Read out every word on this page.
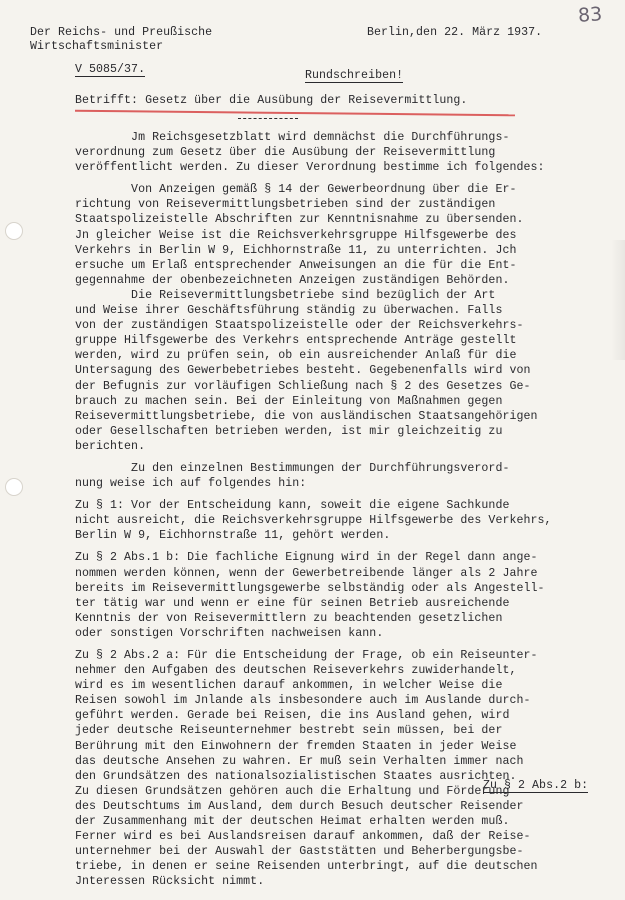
83
Der Reichs- und Preußische
Wirtschaftsminister
V 5085/37.
Berlin,den 22. März 1937.
Rundschreiben!
Betrifft: Gesetz über die Ausübung der Reisevermittlung.

Jm Reichsgesetzblatt wird demnächst die Durchführungs-
verordnung zum Gesetz über die Ausübung der Reisevermittlung
veröffentlicht werden. Zu dieser Verordnung bestimme ich folgendes:

Von Anzeigen gemäß § 14 der Gewerbeordnung über die Er-
richtung von Reisevermittlungsbetrieben sind der zuständigen
Staatspolizeistelle Abschriften zur Kenntnisnahme zu übersenden.
Jn gleicher Weise ist die Reichsverkehrsgruppe Hilfsgewerbe des
Verkehrs in Berlin W 9, Eichhornstraße 11, zu unterrichten. Jch
ersuche um Erlaß entsprechender Anweisungen an die für die Ent-
gegennahme der obenbezeichneten Anzeigen zuständigen Behörden.
Die Reisevermittlungsbetriebe sind bezüglich der Art
und Weise ihrer Geschäftsführung ständig zu überwachen. Falls
von der zuständigen Staatspolizeistelle oder der Reichsverkehrs-
gruppe Hilfsgewerbe des Verkehrs entsprechende Anträge gestellt
werden, wird zu prüfen sein, ob ein ausreichender Anlaß für die
Untersagung des Gewerbebetriebes besteht. Gegebenenfalls wird von
der Befugnis zur vorläufigen Schließung nach § 2 des Gesetzes Ge-
brauch zu machen sein. Bei der Einleitung von Maßnahmen gegen
Reisevermittlungsbetriebe, die von ausländischen Staatsangehörigen
oder Gesellschaften betrieben werden, ist mir gleichzeitig zu
berichten.

Zu den einzelnen Bestimmungen der Durchführungsverord-
nung weise ich auf folgendes hin:

Zu § 1: Vor der Entscheidung kann, soweit die eigene Sachkunde
nicht ausreicht, die Reichsverkehrsgruppe Hilfsgewerbe des Verkehrs,
Berlin W 9, Eichhornstraße 11, gehört werden.

Zu § 2 Abs.1 b: Die fachliche Eignung wird in der Regel dann ange-
nommen werden können, wenn der Gewerbetreibende länger als 2 Jahre
bereits im Reisevermittlungsgewerbe selbständig oder als Angestell-
ter tätig war und wenn er eine für seinen Betrieb ausreichende
Kenntnis der von Reisevermittlern zu beachtenden gesetzlichen
oder sonstigen Vorschriften nachweisen kann.

Zu § 2 Abs.2 a: Für die Entscheidung der Frage, ob ein Reiseunter-
nehmer den Aufgaben des deutschen Reiseverkehrs zuwiderhandelt,
wird es im wesentlichen darauf ankommen, in welcher Weise die
Reisen sowohl im Jnlande als insbesondere auch im Auslande durch-
geführt werden. Gerade bei Reisen, die ins Ausland gehen, wird
jeder deutsche Reiseunternehmer bestrebt sein müssen, bei der
Berührung mit den Einwohnern der fremden Staaten in jeder Weise
das deutsche Ansehen zu wahren. Er muß sein Verhalten immer nach
den Grundsätzen des nationalsozialistischen Staates ausrichten.
Zu diesen Grundsätzen gehören auch die Erhaltung und Förderung
des Deutschtums im Ausland, dem durch Besuch deutscher Reisender
der Zusammenhang mit der deutschen Heimat erhalten werden muß.
Ferner wird es bei Auslandsreisen darauf ankommen, daß der Reise-
unternehmer bei der Auswahl der Gaststätten und Beherbergungsbe-
triebe, in denen er seine Reisenden unterbringt, auf die deutschen
Jnteressen Rücksicht nimmt.

Zu § 2 Abs.2 b:
